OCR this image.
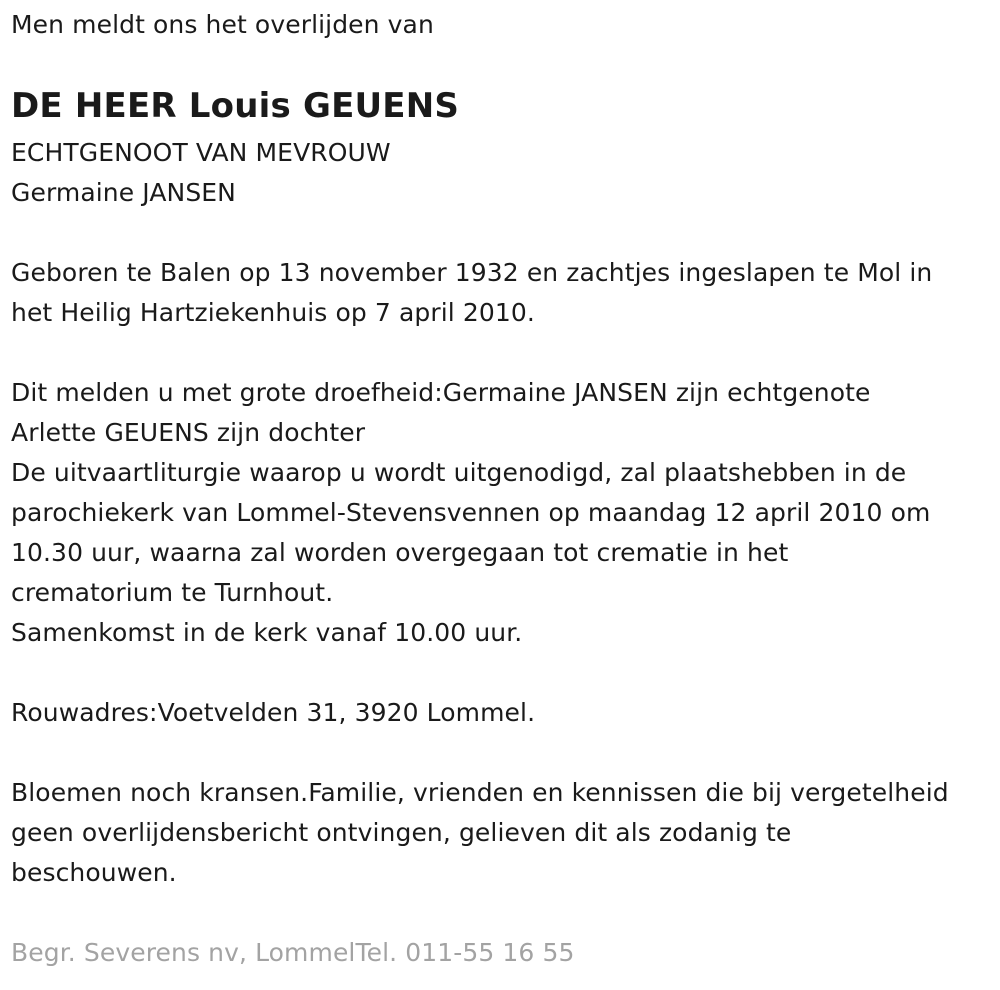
Men meldt ons het overlijden van
DE HEER Louis GEUENS
ECHTGENOOT VAN MEVROUW
Germaine JANSEN
Geboren te Balen op 13 november 1932 en zachtjes ingeslapen te Mol in
het Heilig Hartziekenhuis op 7 april 2010.
Dit melden u met grote droefheid:Germaine JANSEN zijn echtgenote
Arlette GEUENS zijn dochter
De uitvaartliturgie waarop u wordt uitgenodigd, zal plaatshebben in de
parochiekerk van Lommel-Stevensvennen op maandag 12 april 2010 om
10.30 uur, waarna zal worden overgegaan tot crematie in het
crematorium te Turnhout.
Samenkomst in de kerk vanaf 10.00 uur.
Rouwadres:Voetvelden 31, 3920 Lommel.
Bloemen noch kransen.Familie, vrienden en kennissen die bij vergetelheid
geen overlijdensbericht ontvingen, gelieven dit als zodanig te
beschouwen.
Begr. Severens nv, LommelTel. 011-55 16 55
